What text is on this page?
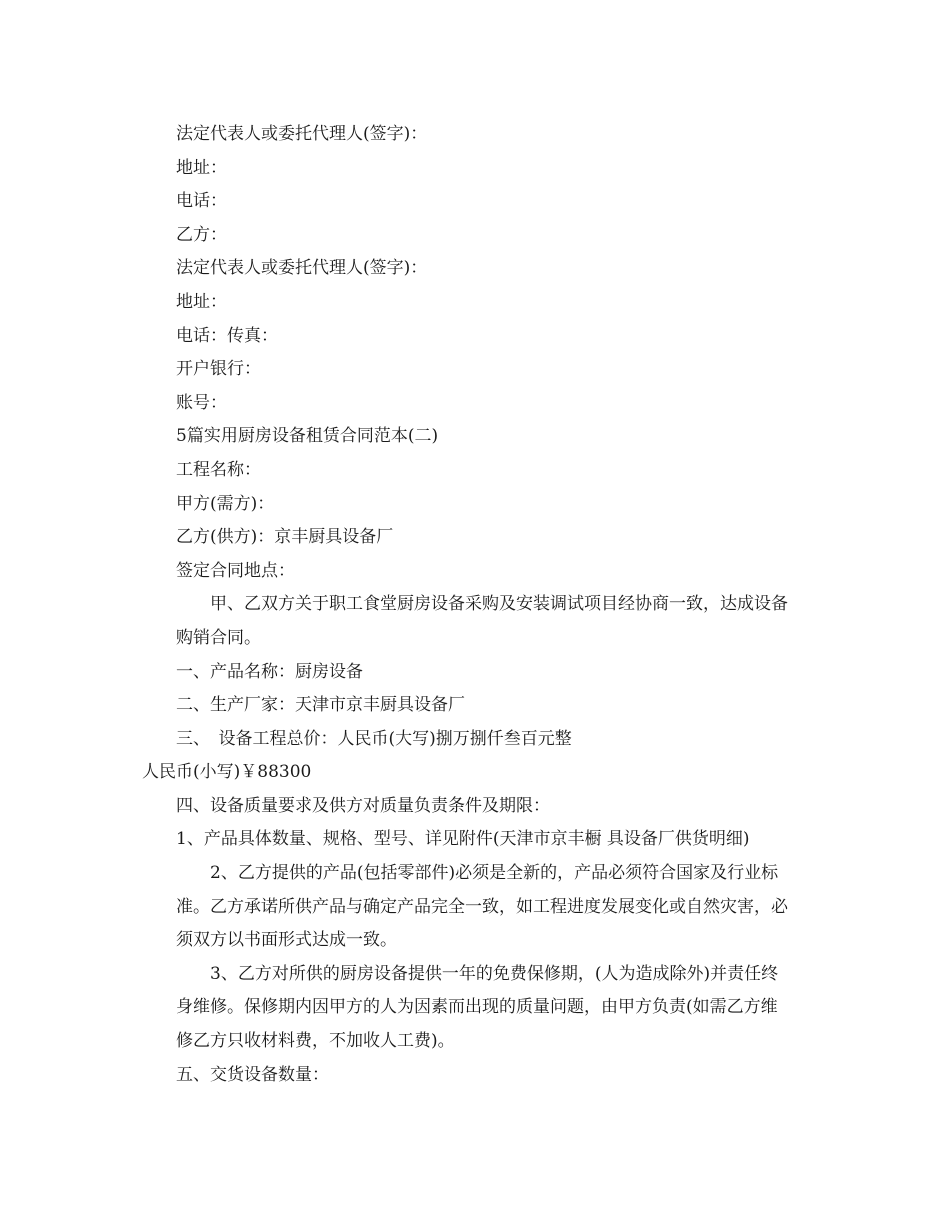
法定代表人或委托代理人(签字)：

地址：

电话：

乙方：

法定代表人或委托代理人(签字)：

地址：

电话：传真：

开户银行：

账号：

5篇实用厨房设备租赁合同范本(二)

工程名称：

甲方(需方)：

乙方(供方)：京丰厨具设备厂

签定合同地点：

甲、乙双方关于职工食堂厨房设备采购及安装调试项目经协商一致，达成设备
购销合同。

一、产品名称：厨房设备

二、生产厂家：天津市京丰厨具设备厂

三、　设备工程总价：人民币(大写)捌万捌仟叁百元整

人民币(小写)￥88300

四、设备质量要求及供方对质量负责条件及期限：

1、产品具体数量、规格、型号、详见附件(天津市京丰橱 具设备厂供货明细)

2、乙方提供的产品(包括零部件)必须是全新的，产品必须符合国家及行业标
准。乙方承诺所供产品与确定产品完全一致，如工程进度发展变化或自然灾害，必
须双方以书面形式达成一致。
3、乙方对所供的厨房设备提供一年的免费保修期，(人为造成除外)并责任终
身维修。保修期内因甲方的人为因素而出现的质量问题，由甲方负责(如需乙方维
修乙方只收材料费，不加收人工费)。

五、交货设备数量：
